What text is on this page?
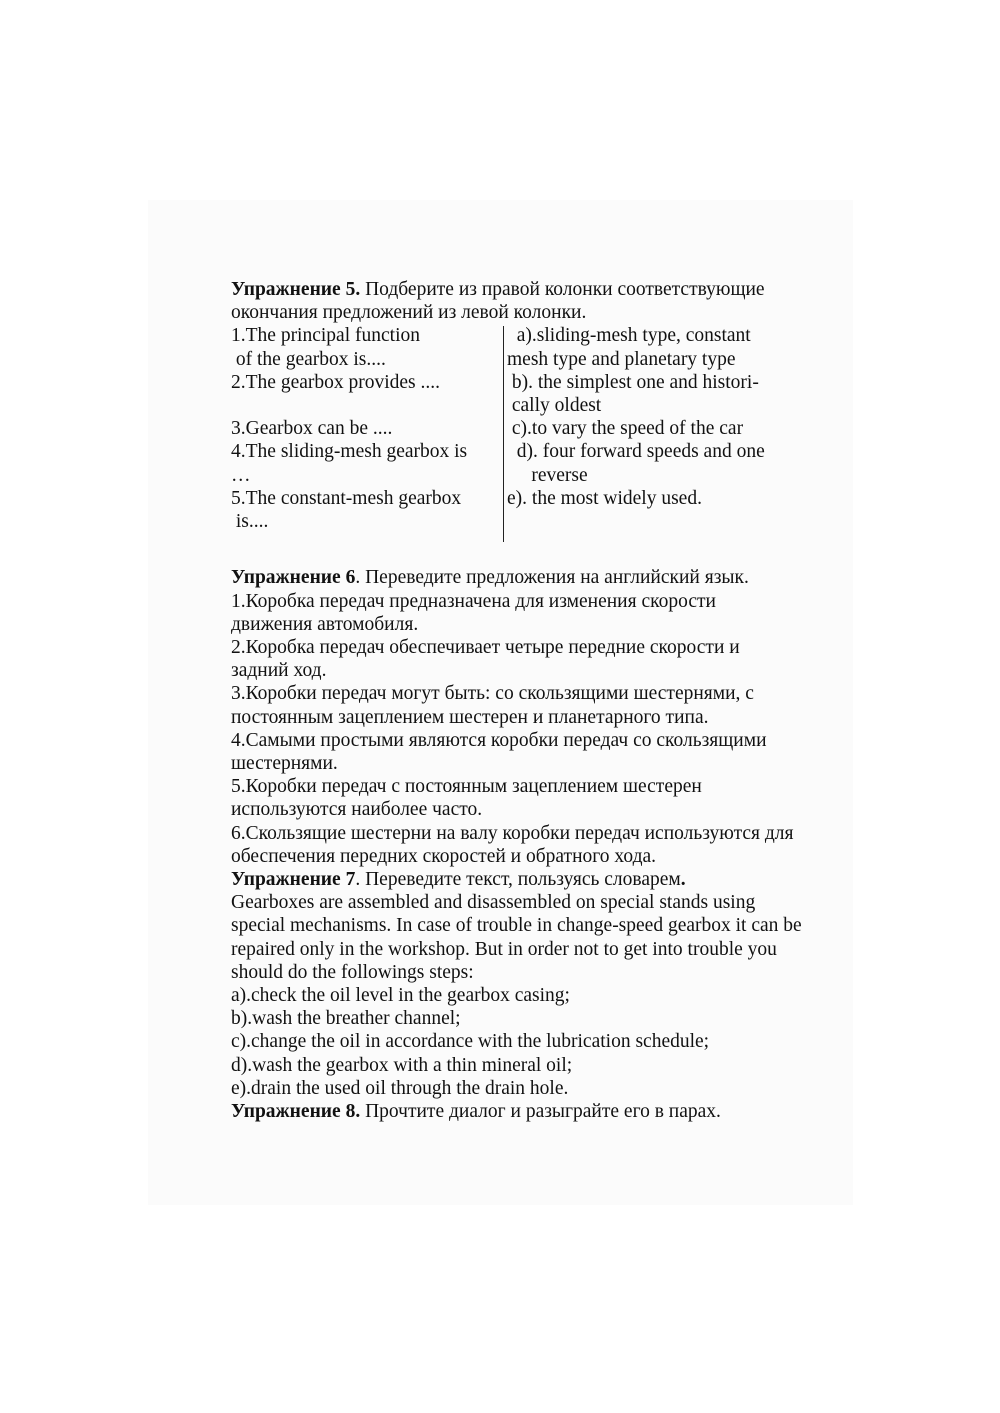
Упражнение 5. Подберите из правой колонки соответствующие
окончания предложений из левой колонки.
1.The principal function
of the gearbox is....
2.The gearbox provides ....

3.Gearbox can be ....
4.The sliding-mesh gearbox is
…
5.The constant-mesh gearbox
is....
a).sliding-mesh type, constant
mesh type and planetary type
b). the simplest one and histori-
cally oldest
c).to vary the speed of the car
d). four forward speeds and one
reverse
e). the most widely used.

Упражнение 6. Переведите предложения на английский язык.
1.Коробка передач предназначена для изменения скорости
движения автомобиля.
2.Коробка передач обеспечивает четыре передние скорости и
задний ход.
3.Коробки передач могут быть: со скользящими шестернями, с
постоянным зацеплением шестерен и планетарного типа.
4.Самыми простыми являются коробки передач со скользящими
шестернями.
5.Коробки передач с постоянным зацеплением шестерен
используются наиболее часто.
6.Скользящие шестерни на валу коробки передач используются для
обеспечения передних скоростей и обратного хода.
Упражнение 7. Переведите текст, пользуясь словарем.
Gearboxes are assembled and disassembled on special stands using
special mechanisms. In case of trouble in change-speed gearbox it can be
repaired only in the workshop. But in order not to get into trouble you
should do the followings steps:
a).check the oil level in the gearbox casing;
b).wash the breather channel;
c).change the oil in accordance with the lubrication schedule;
d).wash the gearbox with a thin mineral oil;
e).drain the used oil through the drain hole.
Упражнение 8. Прочтите диалог и разыграйте его в парах.
